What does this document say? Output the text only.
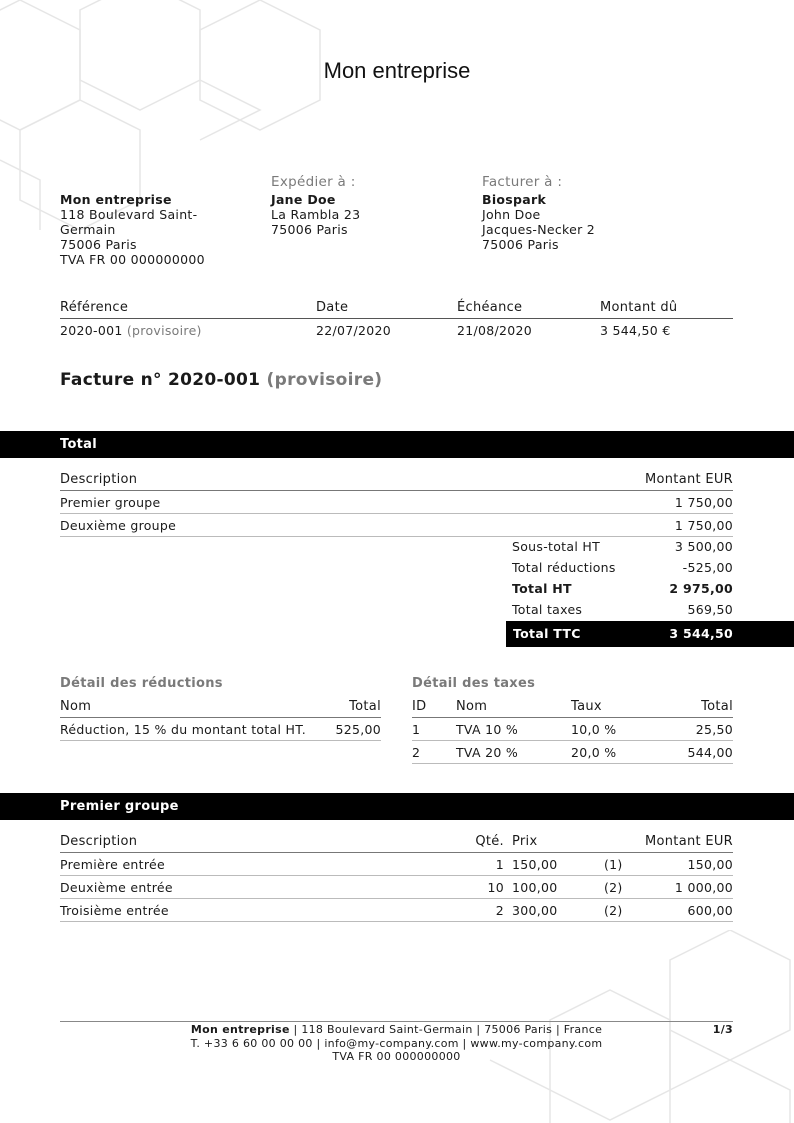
Mon entreprise
Mon entreprise
118 Boulevard Saint-
Germain
75006 Paris
TVA FR 00 000000000
Expédier à :
Jane Doe
La Rambla 23
75006 Paris
Facturer à :
Biospark
John Doe
Jacques-Necker 2
75006 Paris
Référence	Date	Échéance	Montant dû
2020-001 (provisoire)	22/07/2020	21/08/2020	3 544,50 €
Facture n° 2020-001 (provisoire)
Total
Description	Montant EUR
Premier groupe	1 750,00
Deuxième groupe	1 750,00
Sous-total HT	3 500,00
Total réductions	-525,00
Total HT	2 975,00
Total taxes	569,50
Total TTC	3 544,50
Détail des réductions
Nom	Total
Réduction, 15 % du montant total HT.	525,00
Détail des taxes
ID	Nom	Taux	Total
1	TVA 10 %	10,0 %	25,50
2	TVA 20 %	20,0 %	544,00
Premier groupe
Description	Qté.	Prix		Montant EUR
Première entrée	1	150,00	(1)	150,00
Deuxième entrée	10	100,00	(2)	1 000,00
Troisième entrée	2	300,00	(2)	600,00
Mon entreprise | 118 Boulevard Saint-Germain | 75006 Paris | France
T. +33 6 60 00 00 00 | info@my-company.com | www.my-company.com
TVA FR 00 000000000
1/3
